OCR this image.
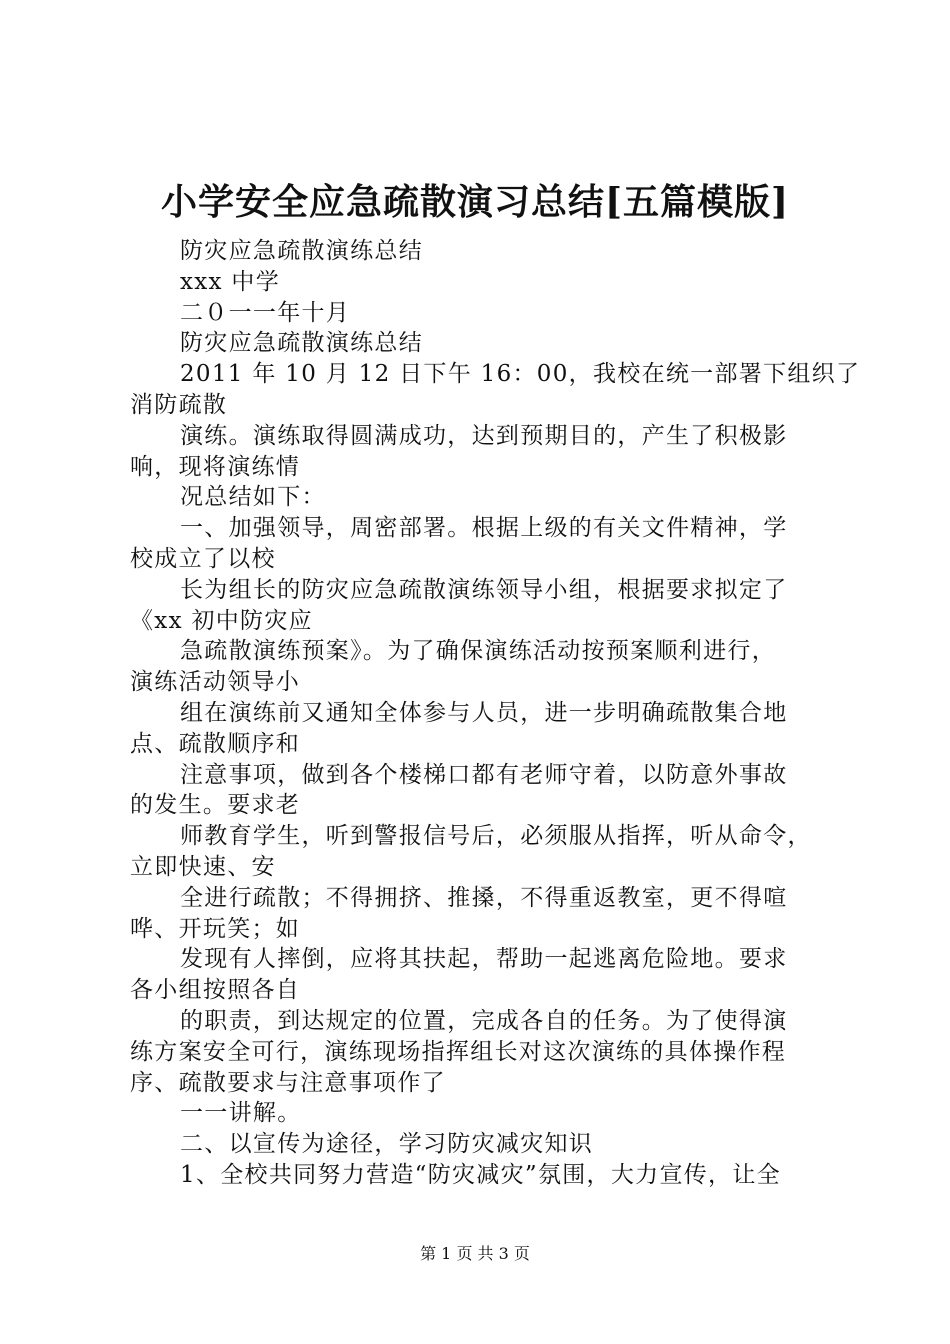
小学安全应急疏散演习总结[五篇模版]
防灾应急疏散演练总结
xxx 中学
二０一一年十月
防灾应急疏散演练总结
2011 年 10 月 12 日下午 16：00，我校在统一部署下组织了
消防疏散
演练。演练取得圆满成功，达到预期目的，产生了积极影
响，现将演练情
况总结如下：
一、加强领导，周密部署。根据上级的有关文件精神，学
校成立了以校
长为组长的防灾应急疏散演练领导小组，根据要求拟定了
《xx 初中防灾应
急疏散演练预案》。为了确保演练活动按预案顺利进行，
演练活动领导小
组在演练前又通知全体参与人员，进一步明确疏散集合地
点、疏散顺序和
注意事项，做到各个楼梯口都有老师守着，以防意外事故
的发生。要求老
师教育学生，听到警报信号后，必须服从指挥，听从命令，
立即快速、安
全进行疏散；不得拥挤、推搡，不得重返教室，更不得喧
哗、开玩笑；如
发现有人摔倒，应将其扶起，帮助一起逃离危险地。要求
各小组按照各自
的职责，到达规定的位置，完成各自的任务。为了使得演
练方案安全可行，演练现场指挥组长对这次演练的具体操作程
序、疏散要求与注意事项作了
一一讲解。
二、以宣传为途径，学习防灾减灾知识
1、全校共同努力营造“防灾减灾”氛围，大力宣传，让全
第 1 页 共 3 页
